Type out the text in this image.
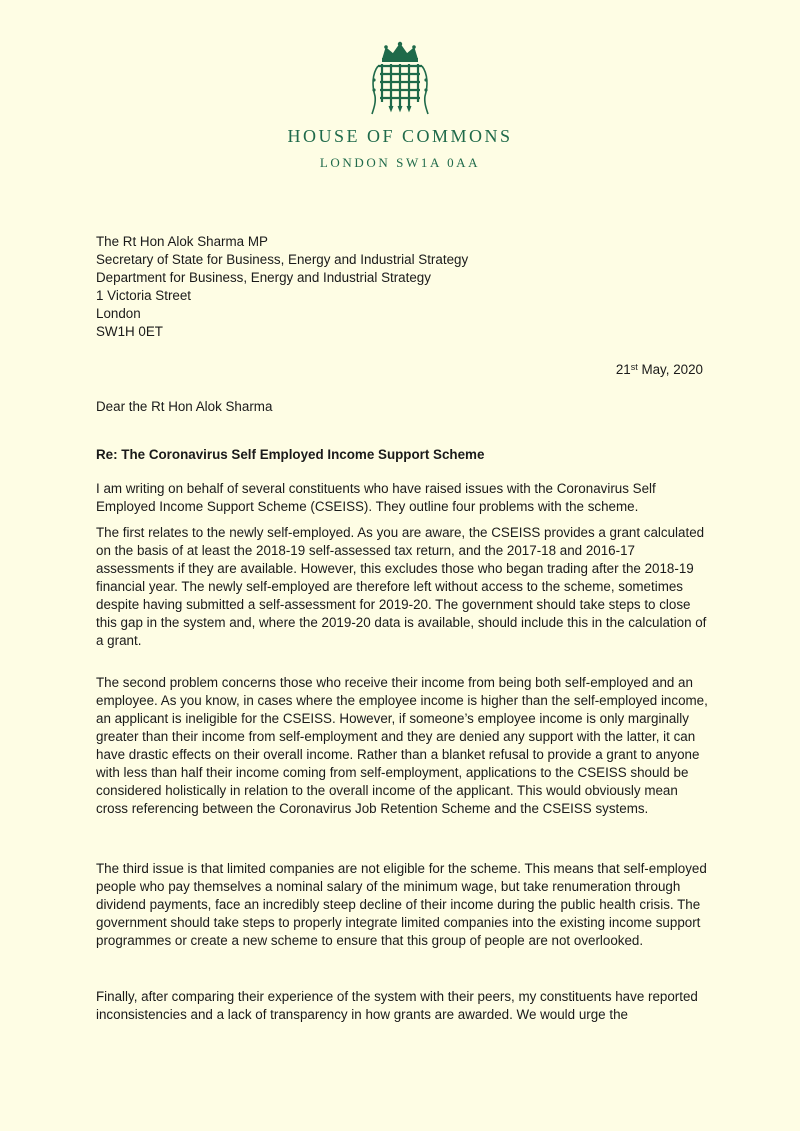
HOUSE OF COMMONS
LONDON SW1A 0AA
The Rt Hon Alok Sharma MP
Secretary of State for Business, Energy and Industrial Strategy
Department for Business, Energy and Industrial Strategy
1 Victoria Street
London
SW1H 0ET
21st May, 2020
Dear the Rt Hon Alok Sharma
Re: The Coronavirus Self Employed Income Support Scheme

I am writing on behalf of several constituents who have raised issues with the Coronavirus Self Employed Income Support Scheme (CSEISS). They outline four problems with the scheme.

The first relates to the newly self-employed. As you are aware, the CSEISS provides a grant calculated on the basis of at least the 2018-19 self-assessed tax return, and the 2017-18 and 2016-17 assessments if they are available. However, this excludes those who began trading after the 2018-19 financial year. The newly self-employed are therefore left without access to the scheme, sometimes despite having submitted a self-assessment for 2019-20. The government should take steps to close this gap in the system and, where the 2019-20 data is available, should include this in the calculation of a grant.

The second problem concerns those who receive their income from being both self-employed and an employee. As you know, in cases where the employee income is higher than the self-employed income, an applicant is ineligible for the CSEISS. However, if someone’s employee income is only marginally greater than their income from self-employment and they are denied any support with the latter, it can have drastic effects on their overall income. Rather than a blanket refusal to provide a grant to anyone with less than half their income coming from self-employment, applications to the CSEISS should be considered holistically in relation to the overall income of the applicant. This would obviously mean cross referencing between the Coronavirus Job Retention Scheme and the CSEISS systems.

The third issue is that limited companies are not eligible for the scheme. This means that self-employed people who pay themselves a nominal salary of the minimum wage, but take renumeration through dividend payments, face an incredibly steep decline of their income during the public health crisis. The government should take steps to properly integrate limited companies into the existing income support programmes or create a new scheme to ensure that this group of people are not overlooked.

Finally, after comparing their experience of the system with their peers, my constituents have reported inconsistencies and a lack of transparency in how grants are awarded. We would urge the
